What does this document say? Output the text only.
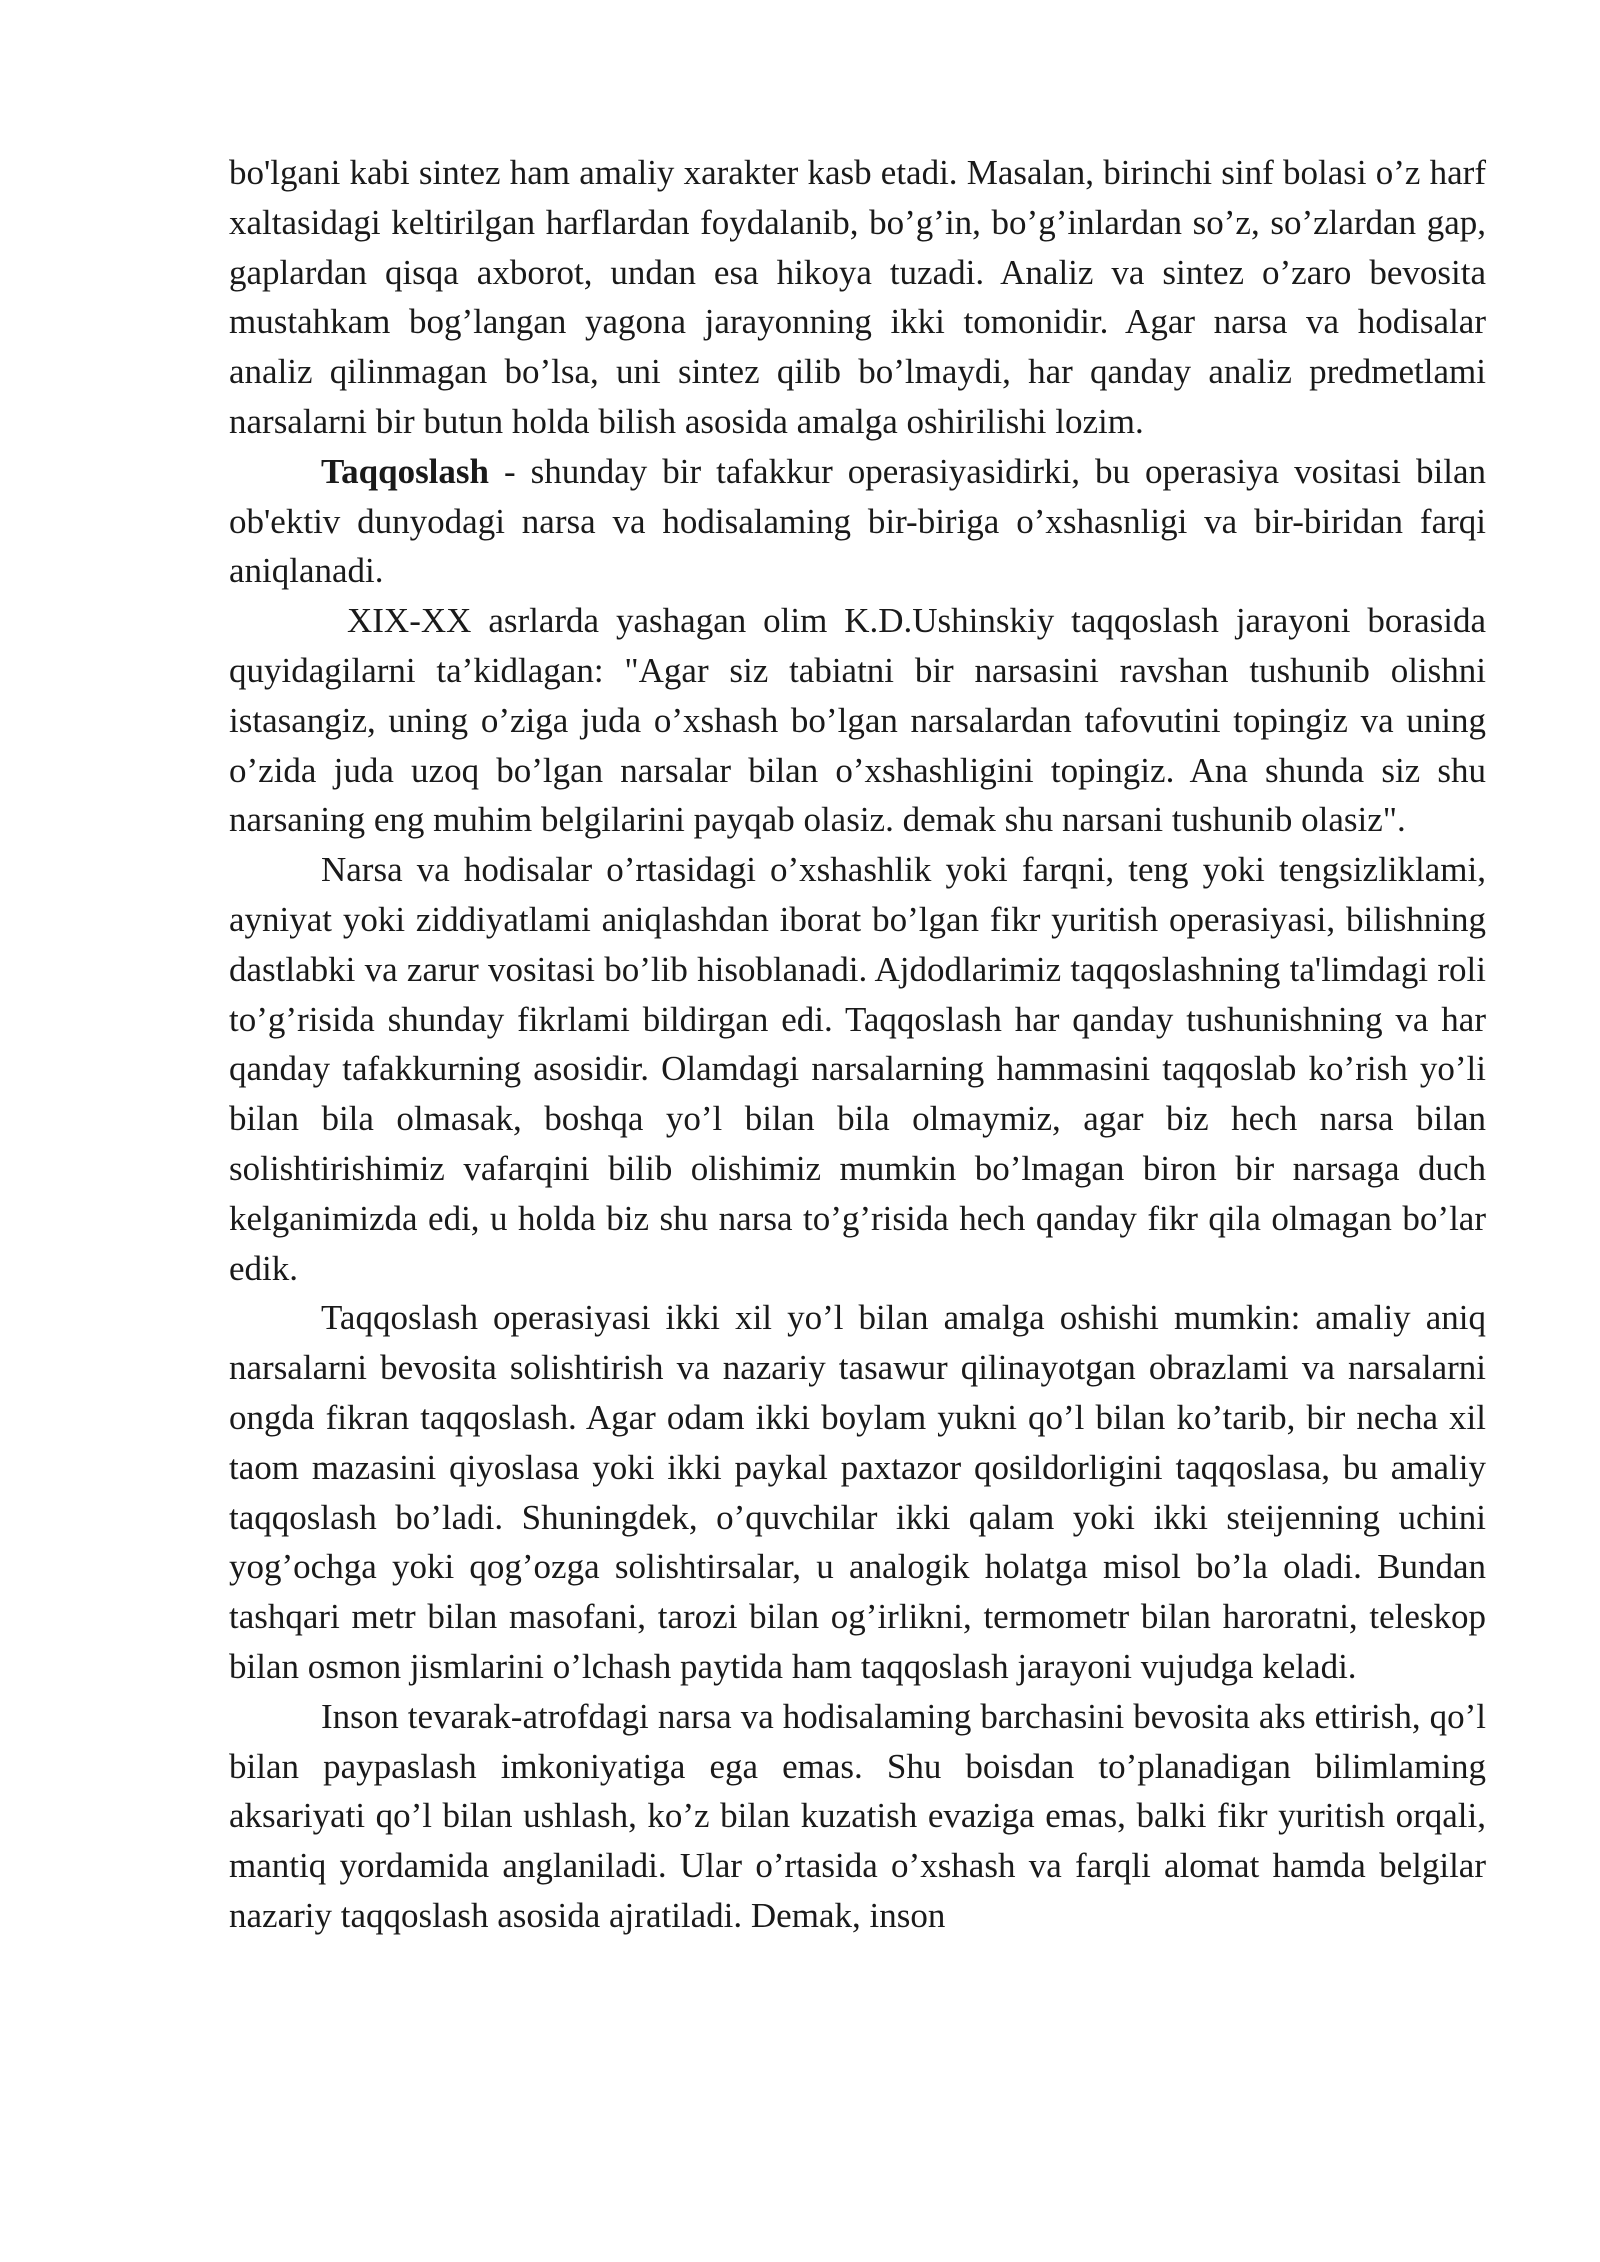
bo'lgani kabi sintez ham amaliy xarakter kasb etadi. Masalan, birinchi sinf bolasi o’z harf xaltasidagi keltirilgan harflardan foydalanib, bo’g’in, bo’g’inlardan so’z, so’zlardan gap, gaplardan qisqa axborot, undan esa hikoya tuzadi. Analiz va sintez o’zaro bevosita mustahkam bog’langan yagona jarayonning ikki tomonidir. Agar narsa va hodisalar analiz qilinmagan bo’lsa, uni sintez qilib bo’lmaydi, har qanday analiz predmetlami narsalarni bir butun holda bilish asosida amalga oshirilishi lozim.

Taqqoslash - shunday bir tafakkur operasiyasidirki, bu operasiya vositasi bilan ob'ektiv dunyodagi narsa va hodisalaming bir-biriga o’xshasnligi va bir-biridan farqi aniqlanadi.

XIX-XX asrlarda yashagan olim K.D.Ushinskiy taqqoslash jarayoni borasida quyidagilarni ta’kidlagan: "Agar siz tabiatni bir narsasini ravshan tushunib olishni istasangiz, uning o’ziga juda o’xshash bo’lgan narsalardan tafovutini topingiz va uning o’zida juda uzoq bo’lgan narsalar bilan o’xshashligini topingiz. Ana shunda siz shu narsaning eng muhim belgilarini payqab olasiz. demak shu narsani tushunib olasiz".

Narsa va hodisalar o’rtasidagi o’xshashlik yoki farqni, teng yoki tengsizliklami, ayniyat yoki ziddiyatlami aniqlashdan iborat bo’lgan fikr yuritish operasiyasi, bilishning dastlabki va zarur vositasi bo’lib hisoblanadi. Ajdodlarimiz taqqoslashning ta'limdagi roli to’g’risida shunday fikrlami bildirgan edi. Taqqoslash har qanday tushunishning va har qanday tafakkurning asosidir. Olamdagi narsalarning hammasini taqqoslab ko’rish yo’li bilan bila olmasak, boshqa yo’l bilan bila olmaymiz, agar biz hech narsa bilan solishtirishimiz vafarqini bilib olishimiz mumkin bo’lmagan biron bir narsaga duch kelganimizda edi, u holda biz shu narsa to’g’risida hech qanday fikr qila olmagan bo’lar edik.

Taqqoslash operasiyasi ikki xil yo’l bilan amalga oshishi mumkin: amaliy aniq narsalarni bevosita solishtirish va nazariy tasawur qilinayotgan obrazlami va narsalarni ongda fikran taqqoslash. Agar odam ikki boylam yukni qo’l bilan ko’tarib, bir necha xil taom mazasini qiyoslasa yoki ikki paykal paxtazor qosildorligini taqqoslasa, bu amaliy taqqoslash bo’ladi. Shuningdek, o’quvchilar ikki qalam yoki ikki steijenning uchini yog’ochga yoki qog’ozga solishtirsalar, u analogik holatga misol bo’la oladi. Bundan tashqari metr bilan masofani, tarozi bilan og’irlikni, termometr bilan haroratni, teleskop bilan osmon jismlarini o’lchash paytida ham taqqoslash jarayoni vujudga keladi.

Inson tevarak-atrofdagi narsa va hodisalaming barchasini bevosita aks ettirish, qo’l bilan paypaslash imkoniyatiga ega emas. Shu boisdan to’planadigan bilimlaming aksariyati qo’l bilan ushlash, ko’z bilan kuzatish evaziga emas, balki fikr yuritish orqali, mantiq yordamida anglaniladi. Ular o’rtasida o’xshash va farqli alomat hamda belgilar nazariy taqqoslash asosida ajratiladi. Demak, inson
